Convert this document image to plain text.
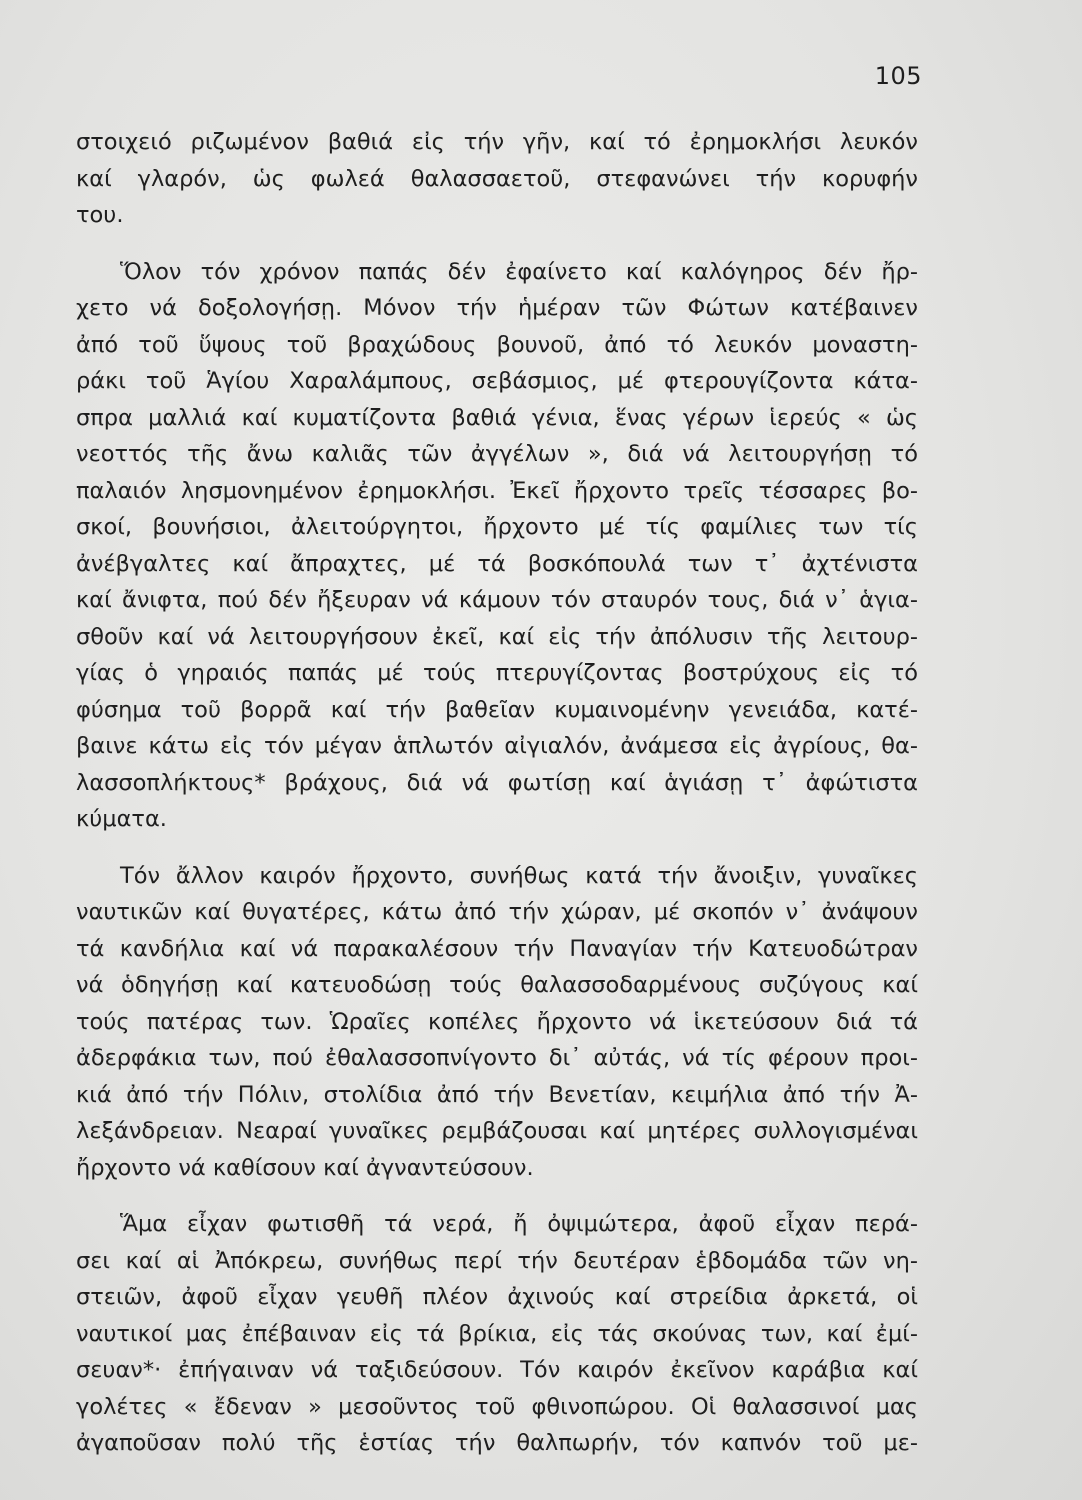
105
στοιχειό ριζωμένον βαθιά εἰς τήν γῆν, καί τό ἐρημοκλήσι λευκόν
καί γλαρόν, ὡς φωλεά θαλασσαετοῦ, στεφανώνει τήν κορυφήν
του.
Ὅλον τόν χρόνον παπάς δέν ἐφαίνετο καί καλόγηρος δέν ἤρ-
χετο νά δοξολογήσῃ. Μόνον τήν ἡμέραν τῶν Φώτων κατέβαινεν
ἀπό τοῦ ὕψους τοῦ βραχώδους βουνοῦ, ἀπό τό λευκόν μοναστη-
ράκι τοῦ Ἁγίου Χαραλάμπους, σεβάσμιος, μέ φτερουγίζοντα κάτα-
σπρα μαλλιά καί κυματίζοντα βαθιά γένια, ἕνας γέρων ἱερεύς « ὡς
νεοττός τῆς ἄνω καλιᾶς τῶν ἀγγέλων », διά νά λειτουργήσῃ τό
παλαιόν λησμονημένον ἐρημοκλήσι. Ἐκεῖ ἤρχοντο τρεῖς τέσσαρες βο-
σκοί, βουνήσιοι, ἀλειτούργητοι, ἤρχοντο μέ τίς φαμίλιες των τίς
ἀνέβγαλτες καί ἄπραχτες, μέ τά βοσκόπουλά των τ᾽ ἀχτένιστα
καί ἄνιφτα, πού δέν ἤξευραν νά κάμουν τόν σταυρόν τους, διά ν᾽ ἁγια-
σθοῦν καί νά λειτουργήσουν ἐκεῖ, καί εἰς τήν ἀπόλυσιν τῆς λειτουρ-
γίας ὁ γηραιός παπάς μέ τούς πτερυγίζοντας βοστρύχους εἰς τό
φύσημα τοῦ βορρᾶ καί τήν βαθεῖαν κυμαινομένην γενειάδα, κατέ-
βαινε κάτω εἰς τόν μέγαν ἁπλωτόν αἰγιαλόν, ἀνάμεσα εἰς ἀγρίους, θα-
λασσοπλήκτους* βράχους, διά νά φωτίσῃ καί ἁγιάσῃ τ᾽ ἀφώτιστα
κύματα.
Τόν ἄλλον καιρόν ἤρχοντο, συνήθως κατά τήν ἄνοιξιν, γυναῖκες
ναυτικῶν καί θυγατέρες, κάτω ἀπό τήν χώραν, μέ σκοπόν ν᾽ ἀνάψουν
τά κανδήλια καί νά παρακαλέσουν τήν Παναγίαν τήν Κατευοδώτραν
νά ὁδηγήσῃ καί κατευοδώσῃ τούς θαλασσοδαρμένους συζύγους καί
τούς πατέρας των. Ὡραῖες κοπέλες ἤρχοντο νά ἱκετεύσουν διά τά
ἀδερφάκια των, πού ἐθαλασσοπνίγοντο δι᾽ αὐτάς, νά τίς φέρουν προι-
κιά ἀπό τήν Πόλιν, στολίδια ἀπό τήν Βενετίαν, κειμήλια ἀπό τήν Ἀ-
λεξάνδρειαν. Νεαραί γυναῖκες ρεμβάζουσαι καί μητέρες συλλογισμέναι
ἤρχοντο νά καθίσουν καί ἀγναντεύσουν.
Ἅμα εἶχαν φωτισθῆ τά νερά, ἤ ὀψιμώτερα, ἀφοῦ εἶχαν περά-
σει καί αἱ Ἀπόκρεω, συνήθως περί τήν δευτέραν ἑβδομάδα τῶν νη-
στειῶν, ἀφοῦ εἶχαν γευθῆ πλέον ἀχινούς καί στρείδια ἀρκετά, οἱ
ναυτικοί μας ἐπέβαιναν εἰς τά βρίκια, εἰς τάς σκούνας των, καί ἐμί-
σευαν*· ἐπήγαιναν νά ταξιδεύσουν. Τόν καιρόν ἐκεῖνον καράβια καί
γολέτες « ἔδεναν » μεσοῦντος τοῦ φθινοπώρου. Οἱ θαλασσινοί μας
ἀγαποῦσαν πολύ τῆς ἑστίας τήν θαλπωρήν, τόν καπνόν τοῦ με-
